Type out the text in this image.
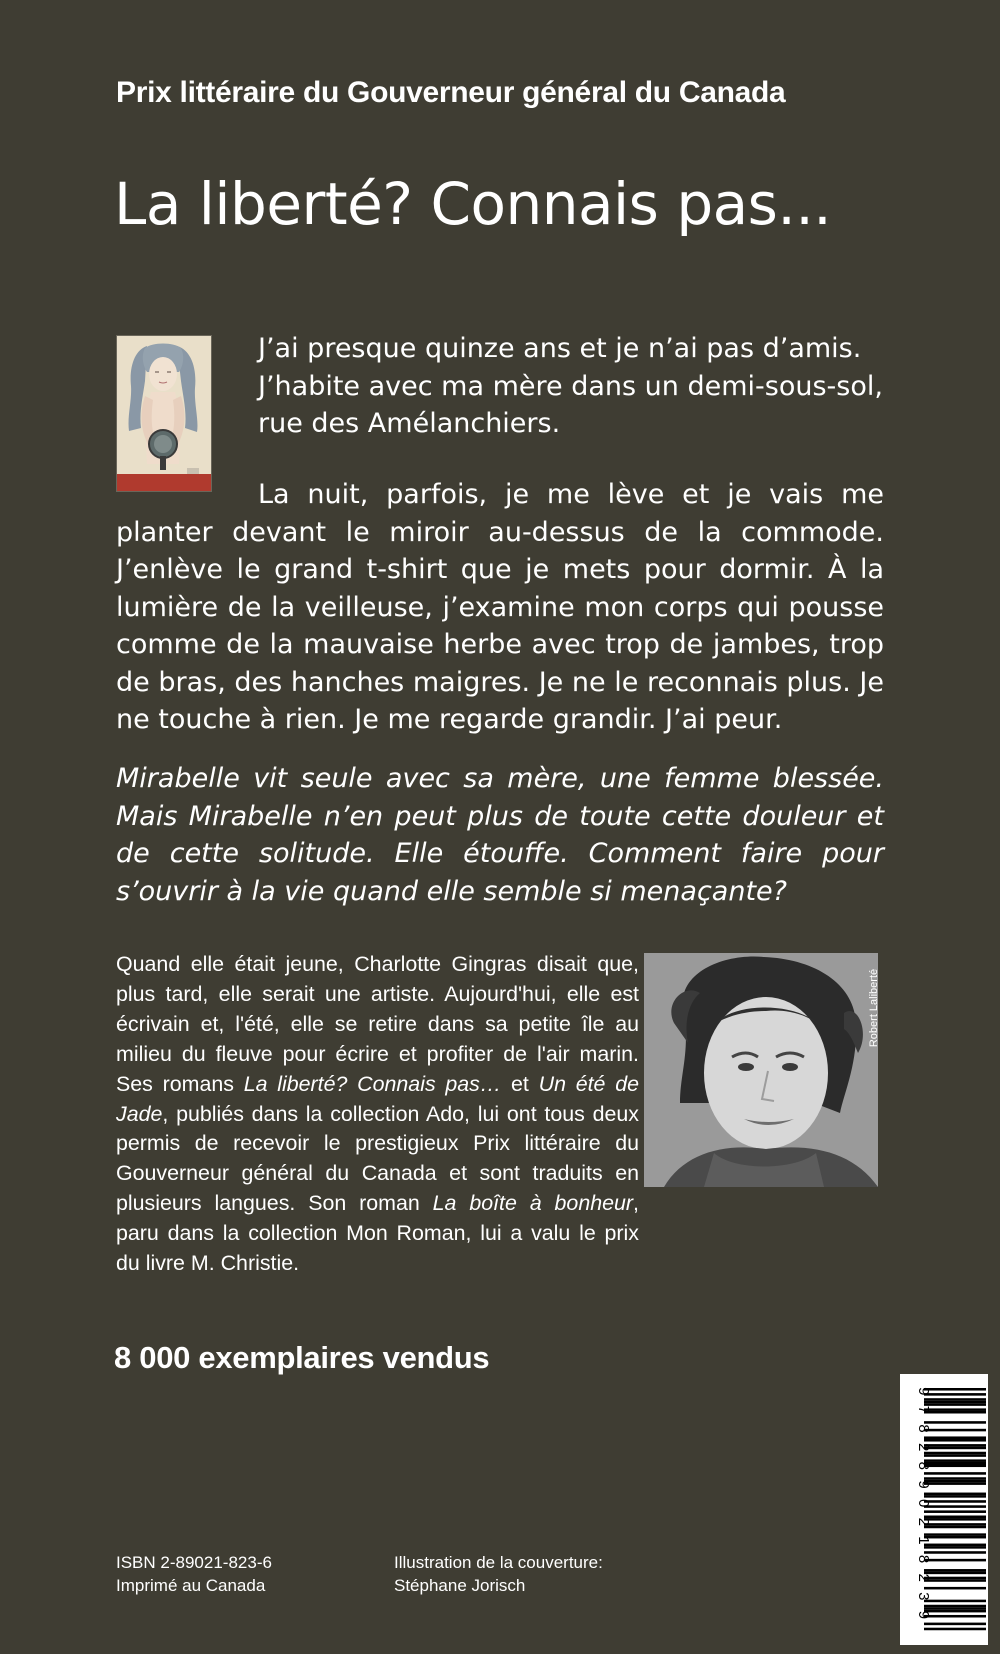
Prix littéraire du Gouverneur général du Canada
La liberté? Connais pas...
J’ai presque quinze ans et je n’ai pas d’amis. J’habite avec ma mère dans un demi-sous-sol, rue des Amélanchiers.
La nuit, parfois, je me lève et je vais me planter devant le miroir au-dessus de la commode. J’enlève le grand t-shirt que je mets pour dormir. À la lumière de la veilleuse, j’examine mon corps qui pousse comme de la mauvaise herbe avec trop de jambes, trop de bras, des hanches maigres. Je ne le reconnais plus. Je ne touche à rien. Je me regarde grandir. J’ai peur.
Mirabelle vit seule avec sa mère, une femme blessée. Mais Mirabelle n’en peut plus de toute cette douleur et de cette solitude. Elle étouffe. Comment faire pour s’ouvrir à la vie quand elle semble si menaçante?
Quand elle était jeune, Charlotte Gingras disait que, plus tard, elle serait une artiste. Aujourd'hui, elle est écrivain et, l'été, elle se retire dans sa petite île au milieu du fleuve pour écrire et profiter de l'air marin. Ses romans La liberté? Connais pas… et Un été de Jade, publiés dans la collection Ado, lui ont tous deux permis de recevoir le prestigieux Prix littéraire du Gouverneur général du Canada et sont traduits en plusieurs langues. Son roman La boîte à bonheur, paru dans la collection Mon Roman, lui a valu le prix du livre M. Christie.
Robert Laliberté
8 000 exemplaires vendus
9
7
8
2
8
9
0
2
1
8
2
3
9
ISBN 2-89021-823-6
Imprimé au Canada
Illustration de la couverture:
Stéphane Jorisch
